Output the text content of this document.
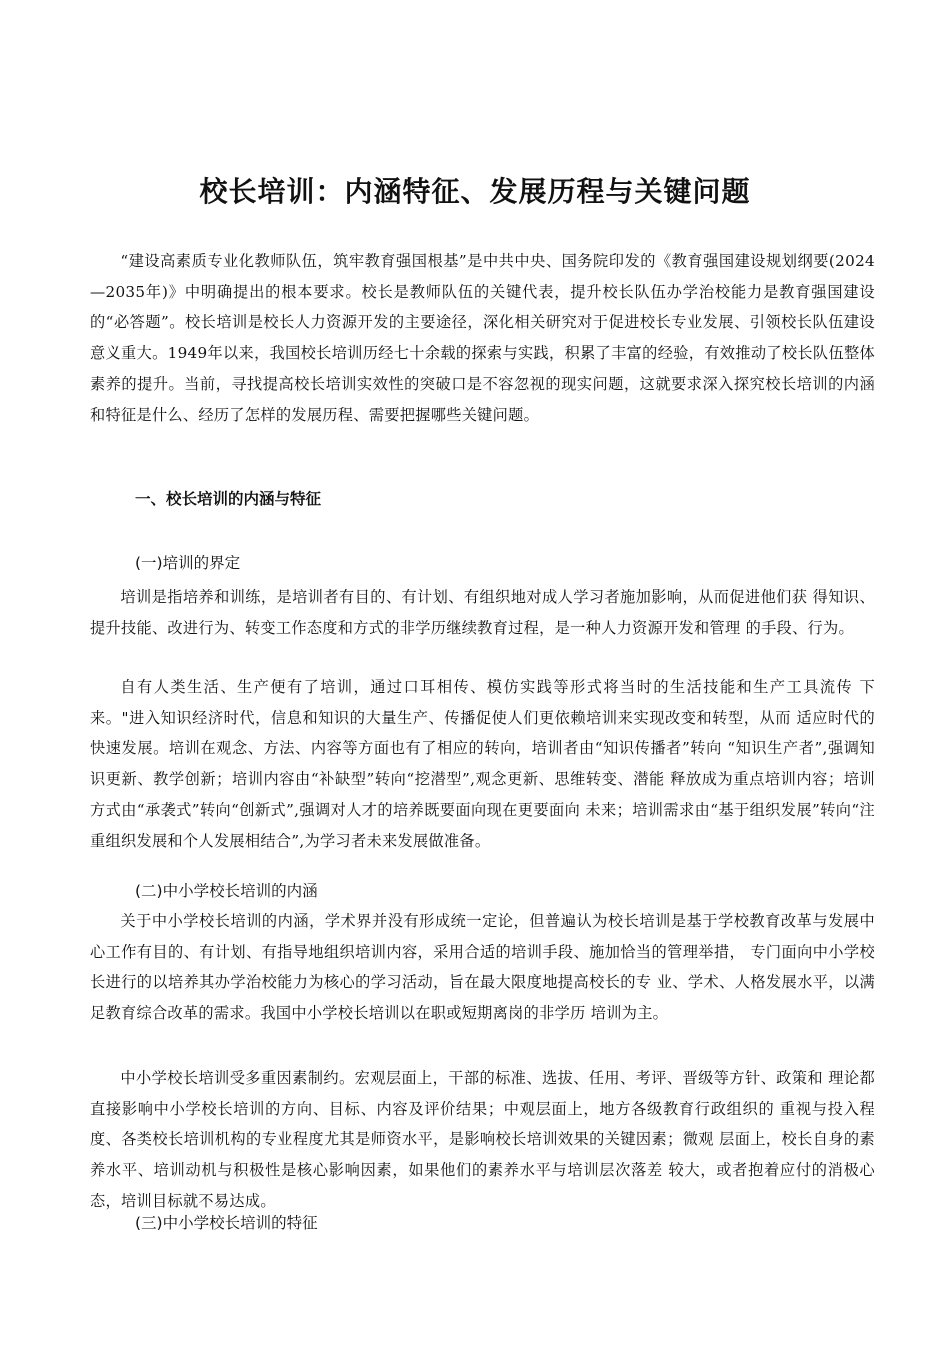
校长培训：内涵特征、发展历程与关键问题

“建设高素质专业化教师队伍，筑牢教育强国根基”是中共中央、国务院印发的《教育强国建设规划纲要(2024—2035年)》中明确提出的根本要求。校长是教师队伍的关键代表，提升校长队伍办学治校能力是教育强国建设的“必答题”。校长培训是校长人力资源开发的主要途径，深化相关研究对于促进校长专业发展、引领校长队伍建设意义重大。1949年以来，我国校长培训历经七十余载的探索与实践，积累了丰富的经验，有效推动了校长队伍整体素养的提升。当前，寻找提高校长培训实效性的突破口是不容忽视的现实问题，这就要求深入探究校长培训的内涵和特征是什么、经历了怎样的发展历程、需要把握哪些关键问题。

一、校长培训的内涵与特征
(一)培训的界定

培训是指培养和训练，是培训者有目的、有计划、有组织地对成人学习者施加影响，从而促进他们获 得知识、提升技能、改进行为、转变工作态度和方式的非学历继续教育过程，是一种人力资源开发和管理 的手段、行为。

自有人类生活、生产便有了培训，通过口耳相传、模仿实践等形式将当时的生活技能和生产工具流传 下来。"进入知识经济时代，信息和知识的大量生产、传播促使人们更依赖培训来实现改变和转型，从而 适应时代的快速发展。培训在观念、方法、内容等方面也有了相应的转向，培训者由“知识传播者”转向 “知识生产者”,强调知识更新、教学创新；培训内容由“补缺型”转向“挖潜型”,观念更新、思维转变、潜能 释放成为重点培训内容；培训方式由“承袭式”转向“创新式”,强调对人才的培养既要面向现在更要面向 未来；培训需求由“基于组织发展”转向“注重组织发展和个人发展相结合”,为学习者未来发展做准备。

(二)中小学校长培训的内涵

关于中小学校长培训的内涵，学术界并没有形成统一定论，但普遍认为校长培训是基于学校教育改革与发展中心工作有目的、有计划、有指导地组织培训内容，采用合适的培训手段、施加恰当的管理举措， 专门面向中小学校长进行的以培养其办学治校能力为核心的学习活动，旨在最大限度地提高校长的专 业、学术、人格发展水平，以满足教育综合改革的需求。我国中小学校长培训以在职或短期离岗的非学历 培训为主。

中小学校长培训受多重因素制约。宏观层面上，干部的标准、选拔、任用、考评、晋级等方针、政策和 理论都直接影响中小学校长培训的方向、目标、内容及评价结果；中观层面上，地方各级教育行政组织的 重视与投入程度、各类校长培训机构的专业程度尤其是师资水平，是影响校长培训效果的关键因素；微观 层面上，校长自身的素养水平、培训动机与积极性是核心影响因素，如果他们的素养水平与培训层次落差 较大，或者抱着应付的消极心态，培训目标就不易达成。

(三)中小学校长培训的特征
